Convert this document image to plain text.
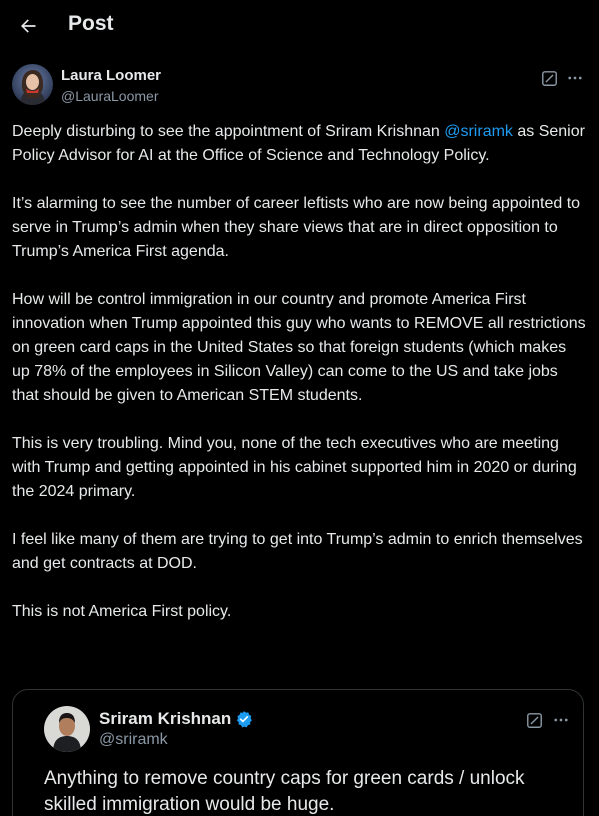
Post
Laura Loomer
@LauraLoomer

Deeply disturbing to see the appointment of Sriram Krishnan @sriramk as Senior Policy Advisor for AI at the Office of Science and Technology Policy.

It’s alarming to see the number of career leftists who are now being appointed to serve in Trump’s admin when they share views that are in direct opposition to Trump’s America First agenda.

How will be control immigration in our country and promote America First innovation when Trump appointed this guy who wants to REMOVE all restrictions on green card caps in the United States so that foreign students (which makes up 78% of the employees in Silicon Valley) can come to the US and take jobs that should be given to American STEM students.

This is very troubling. Mind you, none of the tech executives who are meeting with Trump and getting appointed in his cabinet supported him in 2020 or during the 2024 primary.

I feel like many of them are trying to get into Trump’s admin to enrich themselves and get contracts at DOD.

This is not America First policy.

Sriram Krishnan
@sriramk
Anything to remove country caps for green cards / unlock skilled immigration would be huge.
